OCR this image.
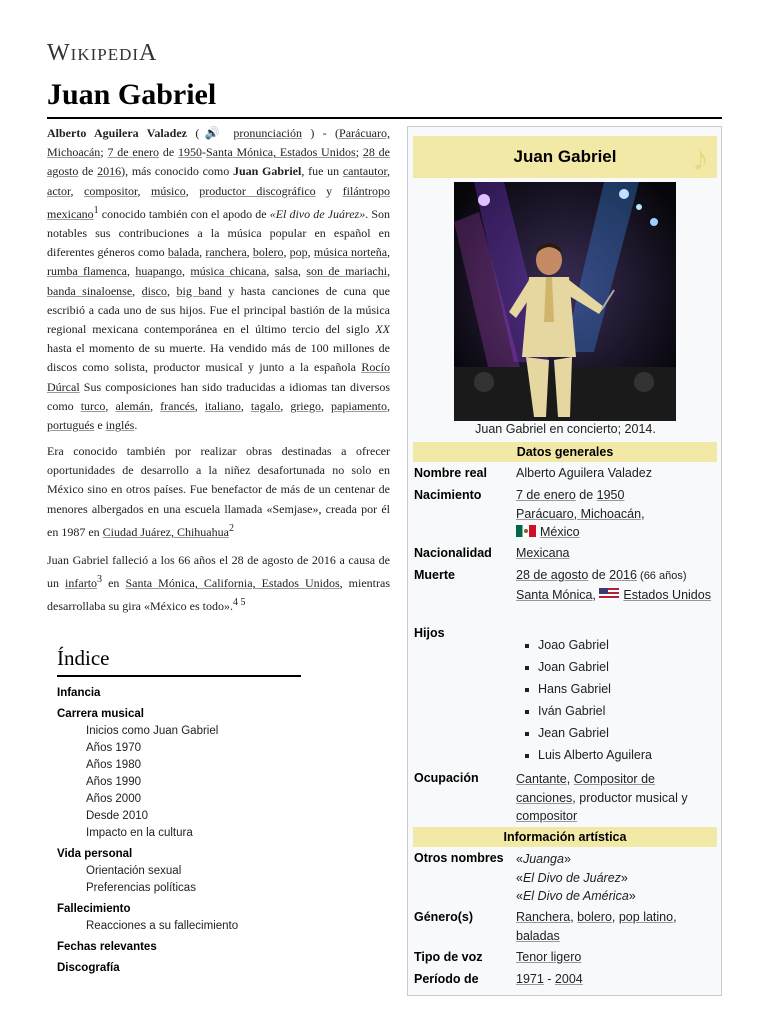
WikipediA
Juan Gabriel
Alberto Aguilera Valadez (🔊 pronunciación ) - (Parácuaro, Michoacán; 7 de enero de 1950-Santa Mónica, Estados Unidos; 28 de agosto de 2016), más conocido como Juan Gabriel, fue un cantautor, actor, compositor, músico, productor discográfico y filántropo mexicano$^1$ conocido también con el apodo de «El divo de Juárez». Son notables sus contribuciones a la música popular en español en diferentes géneros como balada, ranchera, bolero, pop, música norteña, rumba flamenca, huapango, música chicana, salsa, son de mariachi, banda sinaloense, disco, big band y hasta canciones de cuna que escribió a cada uno de sus hijos. Fue el principal bastión de la música regional mexicana contemporánea en el último tercio del siglo XX hasta el momento de su muerte. Ha vendido más de 100 millones de discos como solista, productor musical y junto a la española Rocío Dúrcal Sus composiciones han sido traducidas a idiomas tan diversos como turco, alemán, francés, italiano, tagalo, griego, papiamento, portugués e inglés.
Era conocido también por realizar obras destinadas a ofrecer oportunidades de desarrollo a la niñez desafortunada no solo en México sino en otros países. Fue benefactor de más de un centenar de menores albergados en una escuela llamada «Semjase», creada por él en 1987 en Ciudad Juárez, Chihuahua$^2$
Juan Gabriel falleció a los 66 años el 28 de agosto de 2016 a causa de un infarto$^3$ en Santa Mónica, California, Estados Unidos, mientras desarrollaba su gira «México es todo».$^{4 5}$
Índice
Infancia
Carrera musical
Inicios como Juan Gabriel
Años 1970
Años 1980
Años 1990
Años 2000
Desde 2010
Impacto en la cultura
Vida personal
Orientación sexual
Preferencias políticas
Fallecimiento
Reacciones a su fallecimiento
Fechas relevantes
Discografía
Juan Gabriel ♪
Juan Gabriel en concierto; 2014.
Datos generales
Nombre real Alberto Aguilera Valadez
Nacimiento	7 de enero de 1950
Parácuaro, Michoacán,
México
Nacionalidad Mexicana
Muerte	28 de agosto de 2016 (66 años)
Santa Mónica, Estados Unidos
Hijos
Joao Gabriel
Joan Gabriel
Hans Gabriel
Iván Gabriel
Jean Gabriel
Luis Alberto Aguilera
Ocupación	Cantante, Compositor de canciones, productor musical y compositor
Información artística
Otros nombres «Juanga»
«El Divo de Juárez»
«El Divo de América»
Género(s)	Ranchera, bolero, pop latino,
baladas
Tipo de voz	Tenor ligero
Período de	1971 - 2004
